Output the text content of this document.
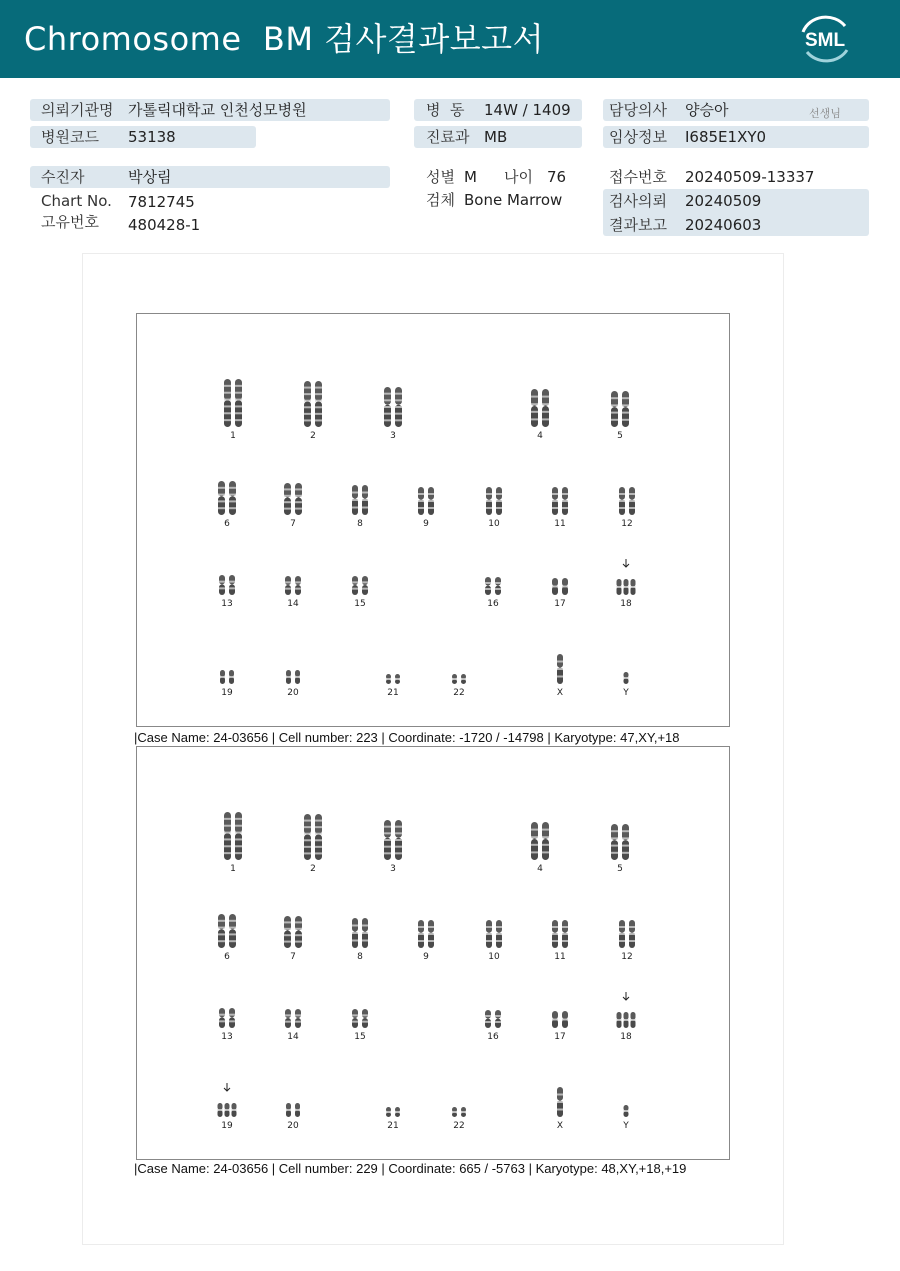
Chromosome  BM 검사결과보고서	SML
의뢰기관명 가톨릭대학교 인천성모병원
병원코드 53138
병  동 14W / 1409
진료과 MB
담당의사 양승아	선생님
임상정보 I685E1XY0
수진자	박상림
Chart No. 7812745
고유번호 480428-1
성별 M 나이 76
검체 Bone Marrow
접수번호 20240509-13337
검사의뢰 20240509
결과보고 20240603
1	2	3	4	5
6	7	8	9	10	11	12
13	14	15	16	17	18
19	20	21	22	X	Y
|Case Name: 24-03656 | Cell number: 223 | Coordinate: -1720 / -14798 | Karyotype: 47,XY,+18
1	2	3	4	5
6	7	8	9	10	11	12
13	14	15	16	17	18
19	20	21	22	X	Y
|Case Name: 24-03656 | Cell number: 229 | Coordinate: 665 / -5763 | Karyotype: 48,XY,+18,+19
